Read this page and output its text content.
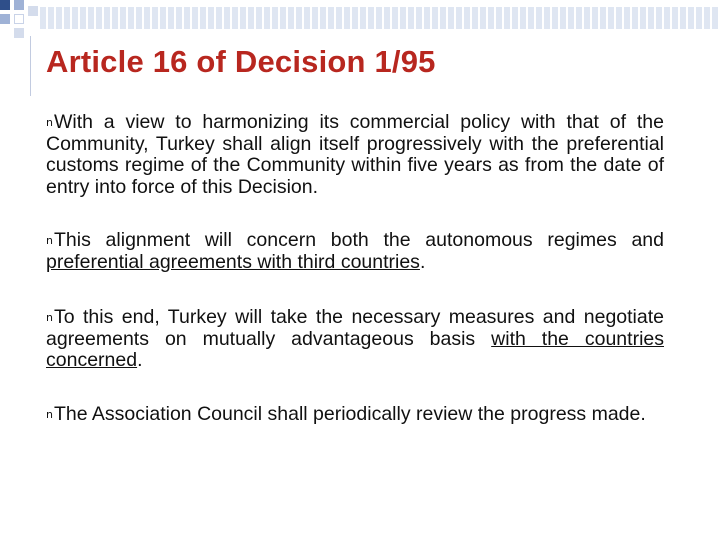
Article 16 of Decision 1/95

nWith a view to harmonizing its commercial policy with that of the Community, Turkey shall align itself progressively with the preferential customs regime of the Community within five years as from the date of entry into force of this Decision.

nThis alignment will concern both the autonomous regimes and preferential agreements with third countries.

nTo this end, Turkey will take the necessary measures and negotiate agreements on mutually advantageous basis with the countries concerned.

nThe Association Council shall periodically review the progress made.
